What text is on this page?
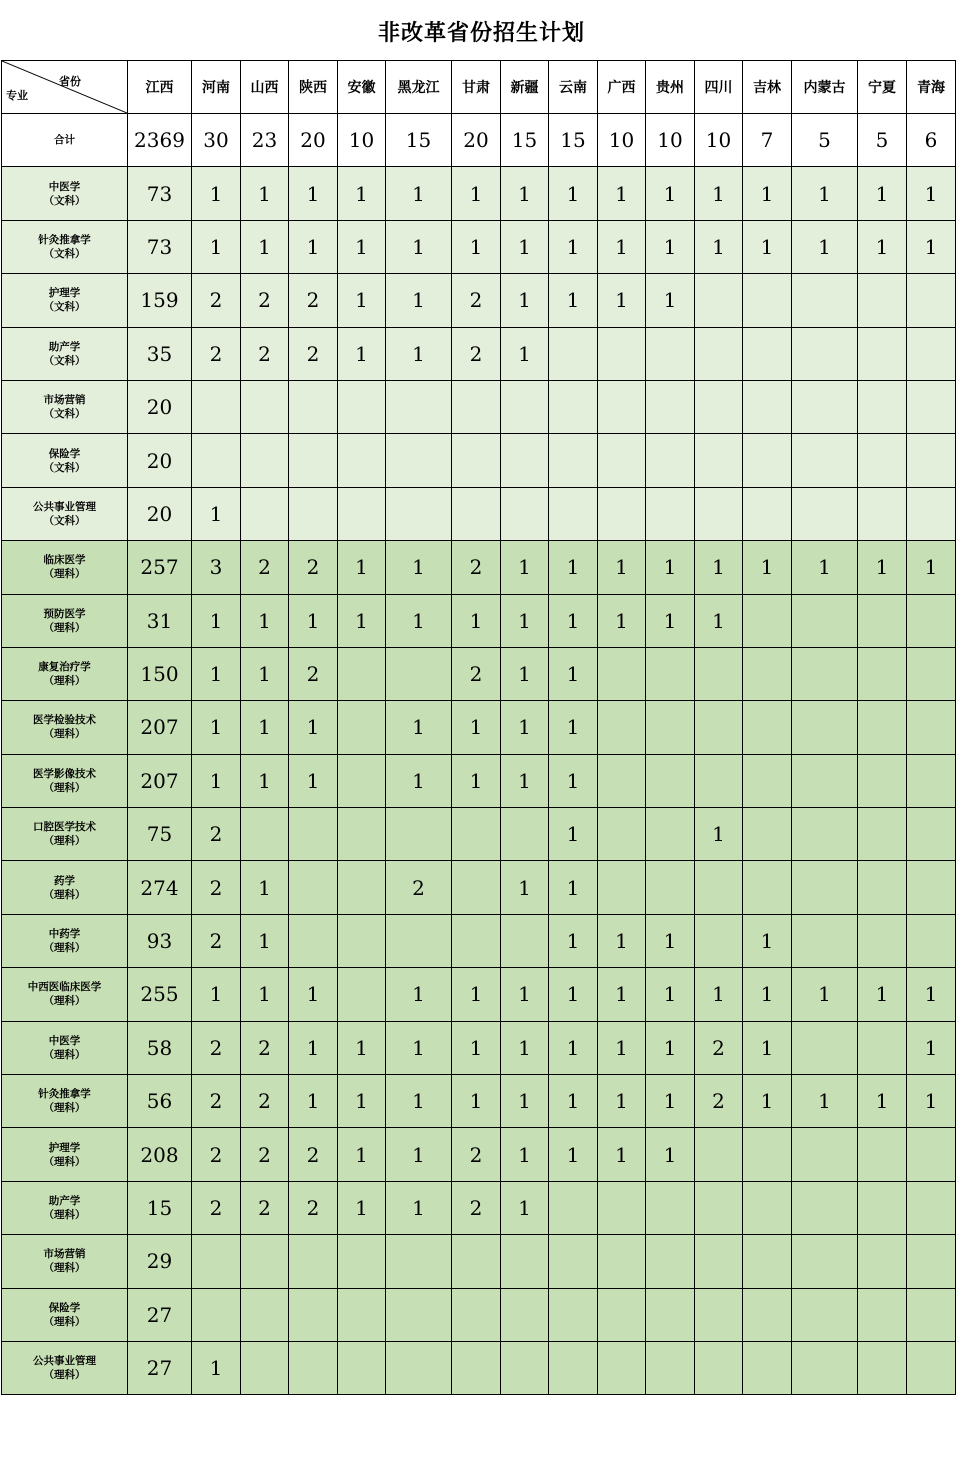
非改革省份招生计划
省份
专业	江西	河南	山西	陕西	安徽	黑龙江	甘肃	新疆	云南	广西	贵州	四川	吉林	内蒙古	宁夏	青海
合计	2369	30	23	20	10	15	20	15	15	10	10	10	7	5	5	6

中医学
（文科）	73	1	1	1	1	1	1	1	1	1	1	1	1	1	1	1

针灸推拿学
（文科）	73	1	1	1	1	1	1	1	1	1	1	1	1	1	1	1

护理学
（文科）	159	2	2	2	1	1	2	1	1	1	1					

助产学
（文科）	35	2	2	2	1	1	2	1								

市场营销
（文科）	20															

保险学
（文科）	20															

公共事业管理
（文科）	20	1														

临床医学
（理科）	257	3	2	2	1	1	2	1	1	1	1	1	1	1	1	1

预防医学
（理科）	31	1	1	1	1	1	1	1	1	1	1	1				

康复治疗学
（理科）	150	1	1	2			2	1	1							

医学检验技术
（理科）	207	1	1	1		1	1	1	1							

医学影像技术
（理科）	207	1	1	1		1	1	1	1							

口腔医学技术
（理科）	75	2							1			1				

药学
（理科）	274	2	1			2		1	1							

中药学
（理科）	93	2	1						1	1	1		1			

中西医临床医学
（理科）	255	1	1	1		1	1	1	1	1	1	1	1	1	1	1

中医学
（理科）	58	2	2	1	1	1	1	1	1	1	1	2	1			1

针灸推拿学
（理科）	56	2	2	1	1	1	1	1	1	1	1	2	1	1	1	1

护理学
（理科）	208	2	2	2	1	1	2	1	1	1	1					

助产学
（理科）	15	2	2	2	1	1	2	1								

市场营销
（理科）	29															

保险学
（理科）	27															

公共事业管理
（理科）	27	1														
